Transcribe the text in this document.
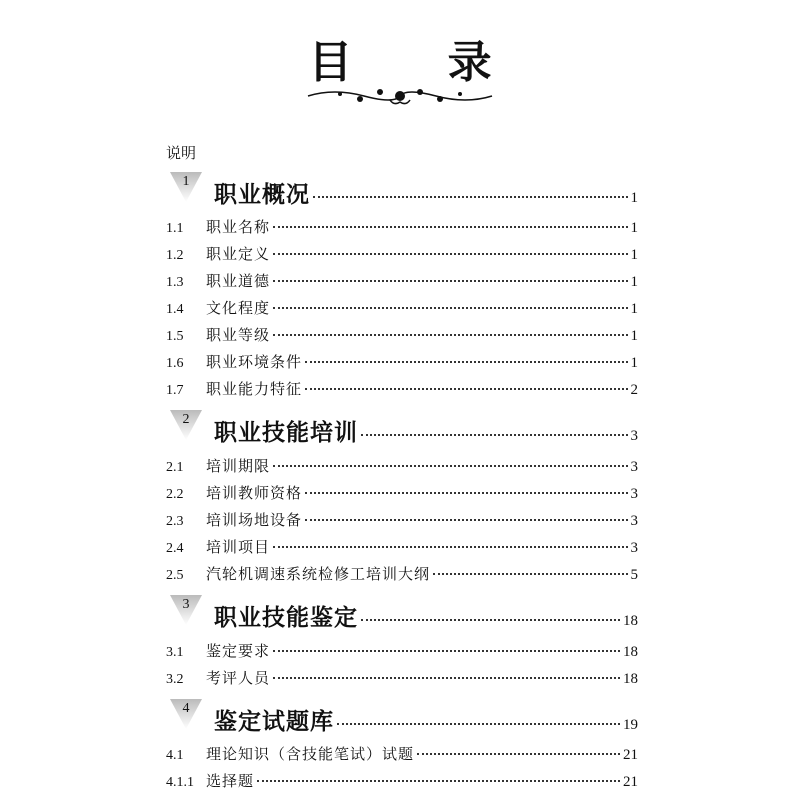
目 录
说明
1
职业概况	1
1.1	职业名称	1
1.2	职业定义	1
1.3	职业道德	1
1.4	文化程度	1
1.5	职业等级	1
1.6	职业环境条件	1
1.7	职业能力特征	2
2
职业技能培训	3
2.1	培训期限	3
2.2	培训教师资格	3
2.3	培训场地设备	3
2.4	培训项目	3
2.5	汽轮机调速系统检修工培训大纲	5
3
职业技能鉴定	18
3.1	鉴定要求	18
3.2	考评人员	18
4
鉴定试题库	19
4.1	理论知识（含技能笔试）试题	21
4.1.1 选择题	21
